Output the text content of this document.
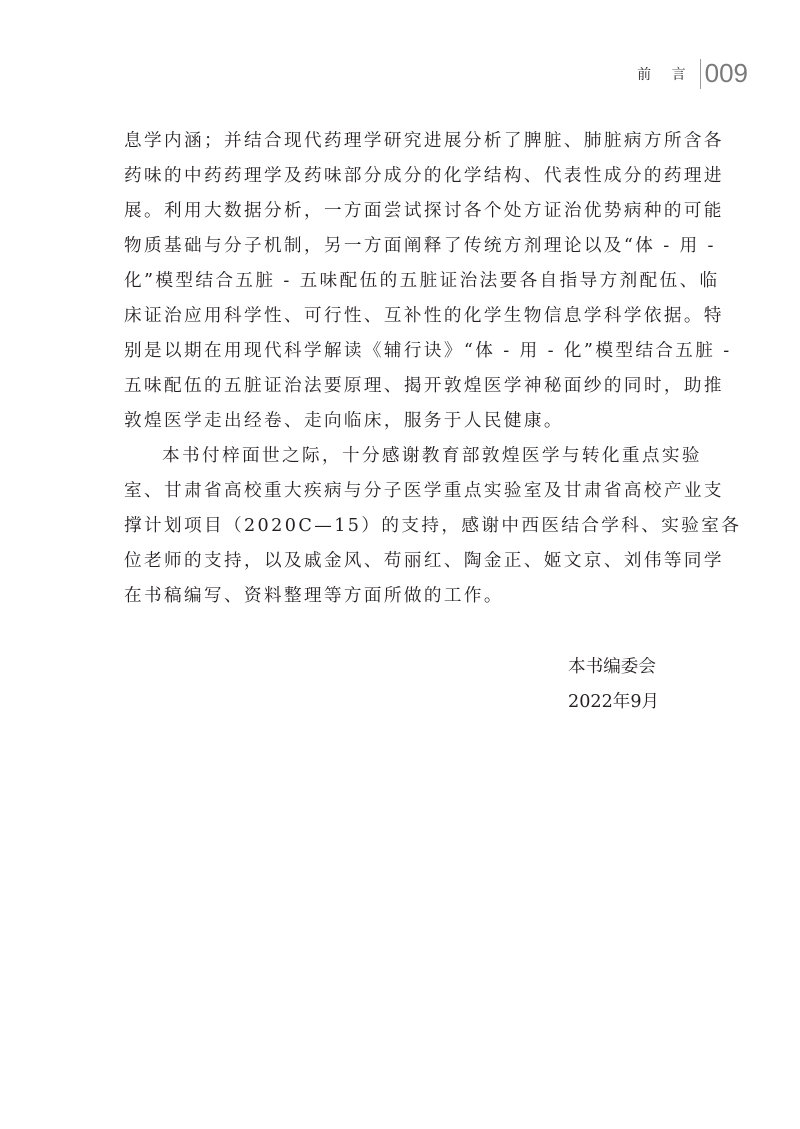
前 言 009
息学内涵；并结合现代药理学研究进展分析了脾脏、肺脏病方所含各
药味的中药药理学及药味部分成分的化学结构、代表性成分的药理进
展。利用大数据分析，一方面尝试探讨各个处方证治优势病种的可能
物质基础与分子机制，另一方面阐释了传统方剂理论以及“体 - 用 -
化”模型结合五脏 - 五味配伍的五脏证治法要各自指导方剂配伍、临
床证治应用科学性、可行性、互补性的化学生物信息学科学依据。特
别是以期在用现代科学解读《辅行诀》“体 - 用 - 化”模型结合五脏 -
五味配伍的五脏证治法要原理、揭开敦煌医学神秘面纱的同时，助推
敦煌医学走出经卷、走向临床，服务于人民健康。
本书付梓面世之际，十分感谢教育部敦煌医学与转化重点实验
室、甘肃省高校重大疾病与分子医学重点实验室及甘肃省高校产业支
撑计划项目（2020C—15）的支持，感谢中西医结合学科、实验室各
位老师的支持，以及戚金风、苟丽红、陶金正、姬文京、刘伟等同学
在书稿编写、资料整理等方面所做的工作。
本书编委会
2022年9月
